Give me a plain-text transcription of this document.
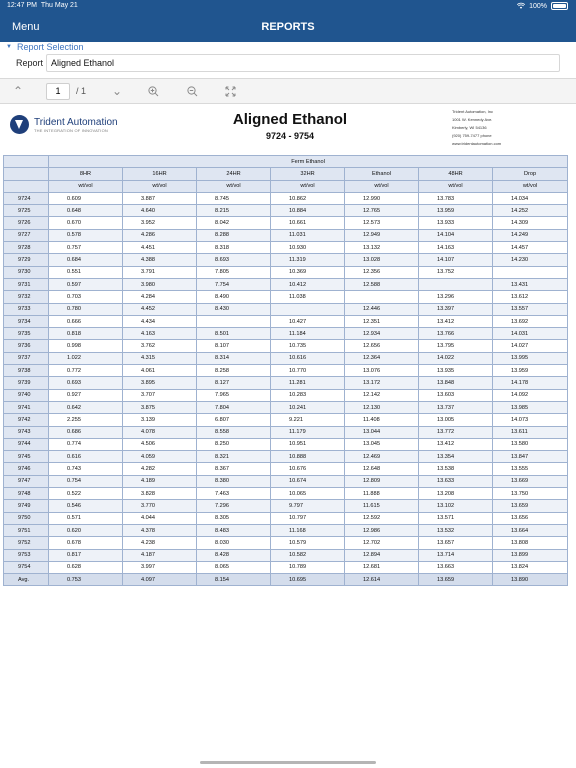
12:47 PM Thu May 21	100%
Menu	REPORTS
▼ Report Selection
Report Aligned Ethanol
⌃	1	/ 1 ⌄
Trident Automation
THE INTEGRATION OF INNOVATION
Aligned Ethanol
9724 - 9754
Trident Automation, Inc
1001 W. Kennedy Ave.
Kimberly, WI 54136
(920) 759-7477 phone
www.tridentautomation.com
	Ferm Ethanol						
	8HR	16HR	24HR	32HR	Ethanol	48HR	Drop
	wt/vol	wt/vol	wt/vol	wt/vol	wt/vol	wt/vol	wt/vol
9724	0.609	3.887	8.745	10.862	12.990	13.783	14.034
9725	0.648	4.640	8.215	10.884	12.765	13.959	14.252
9726	0.670	3.952	8.042	10.661	12.573	13.933	14.309
9727	0.578	4.286	8.288	11.031	12.949	14.104	14.249
9728	0.757	4.451	8.318	10.930	13.132	14.163	14.457
9729	0.684	4.388	8.693	11.319	13.028	14.107	14.230
9730	0.551	3.791	7.805	10.369	12.356	13.752	
9731	0.597	3.980	7.754	10.412	12.588		13.431
9732	0.703	4.284	8.490	11.038		13.296	13.612
9733	0.780	4.452	8.430		12.446	13.397	13.557
9734	0.666	4.434		10.427	12.351	13.412	13.692
9735	0.818	4.163	8.501	11.184	12.934	13.766	14.031
9736	0.998	3.762	8.107	10.735	12.656	13.795	14.027
9737	1.022	4.315	8.314	10.616	12.364	14.022	13.995
9738	0.772	4.061	8.258	10.770	13.076	13.935	13.959
9739	0.693	3.895	8.127	11.281	13.172	13.848	14.178
9740	0.927	3.707	7.965	10.283	12.142	13.603	14.092
9741	0.642	3.875	7.804	10.241	12.130	13.737	13.985
9742	2.255	3.139	6.807	9.221	11.408	13.005	14.073
9743	0.686	4.078	8.558	11.179	13.044	13.772	13.611
9744	0.774	4.506	8.250	10.951	13.045	13.412	13.580
9745	0.616	4.059	8.321	10.888	12.469	13.354	13.847
9746	0.743	4.282	8.367	10.676	12.648	13.538	13.555
9747	0.754	4.189	8.380	10.674	12.809	13.633	13.669
9748	0.522	3.828	7.463	10.065	11.888	13.208	13.750
9749	0.546	3.770	7.296	9.797	11.615	13.102	13.659
9750	0.571	4.044	8.305	10.797	12.592	13.571	13.656
9751	0.620	4.378	8.483	11.168	12.986	13.532	13.664
9752	0.678	4.238	8.030	10.579	12.702	13.657	13.808
9753	0.817	4.187	8.428	10.582	12.894	13.714	13.899
9754	0.628	3.997	8.065	10.789	12.681	13.663	13.824
Avg.	0.753	4.097	8.154	10.695	12.614	13.659	13.890
